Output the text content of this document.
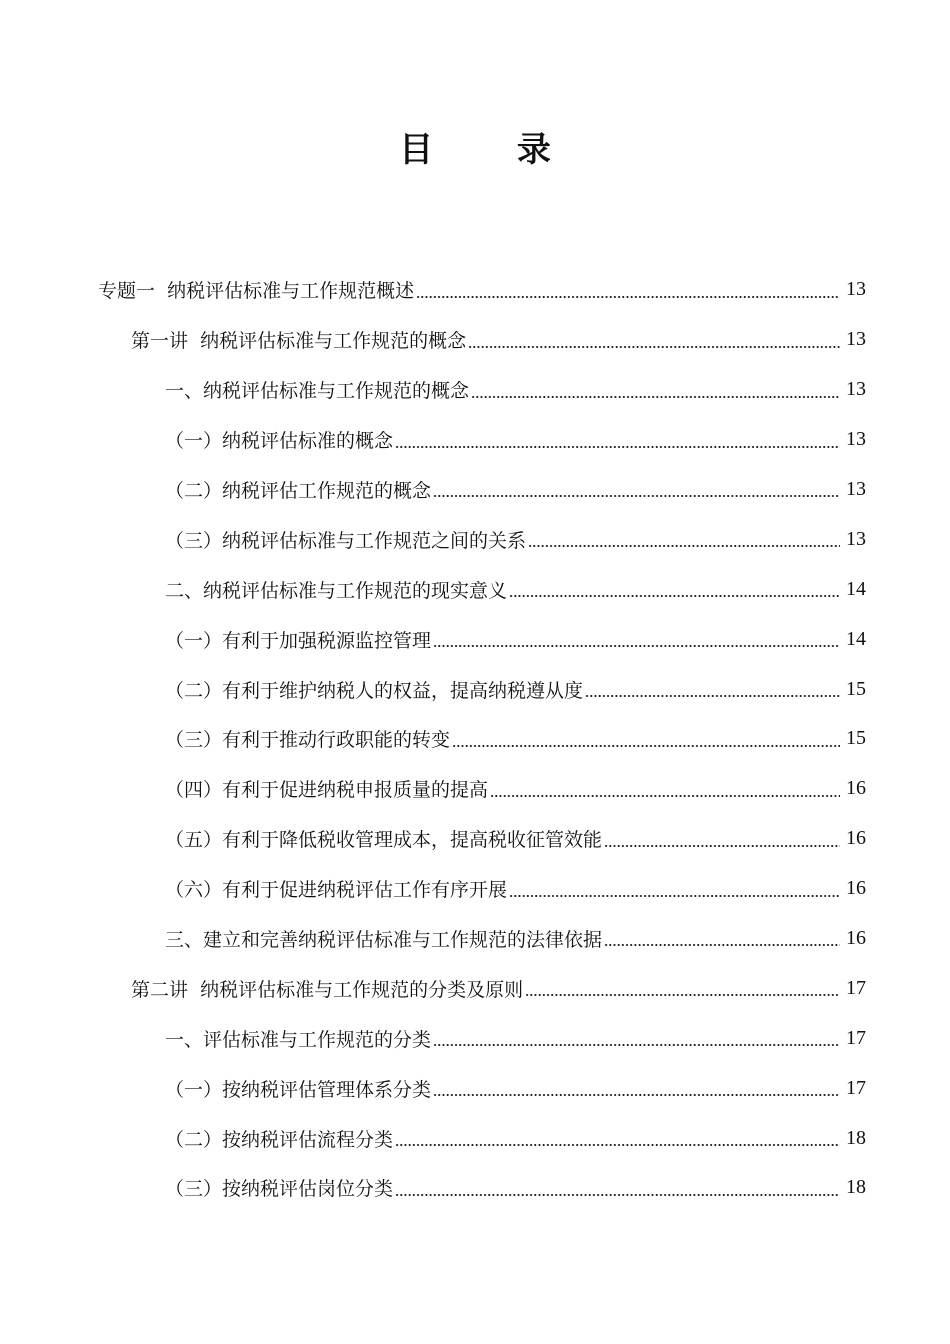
目 录
专题一  纳税评估标准与工作规范概述	13
第一讲  纳税评估标准与工作规范的概念	13
一、纳税评估标准与工作规范的概念	13
（一）纳税评估标准的概念	13
（二）纳税评估工作规范的概念	13
（三）纳税评估标准与工作规范之间的关系	13
二、纳税评估标准与工作规范的现实意义	14
（一）有利于加强税源监控管理	14
（二）有利于维护纳税人的权益，提高纳税遵从度	15
（三）有利于推动行政职能的转变	15
（四）有利于促进纳税申报质量的提高	16
（五）有利于降低税收管理成本，提高税收征管效能	16
（六）有利于促进纳税评估工作有序开展	16
三、建立和完善纳税评估标准与工作规范的法律依据	16
第二讲  纳税评估标准与工作规范的分类及原则	17
一、评估标准与工作规范的分类	17
（一）按纳税评估管理体系分类	17
（二）按纳税评估流程分类	18
（三）按纳税评估岗位分类	18
